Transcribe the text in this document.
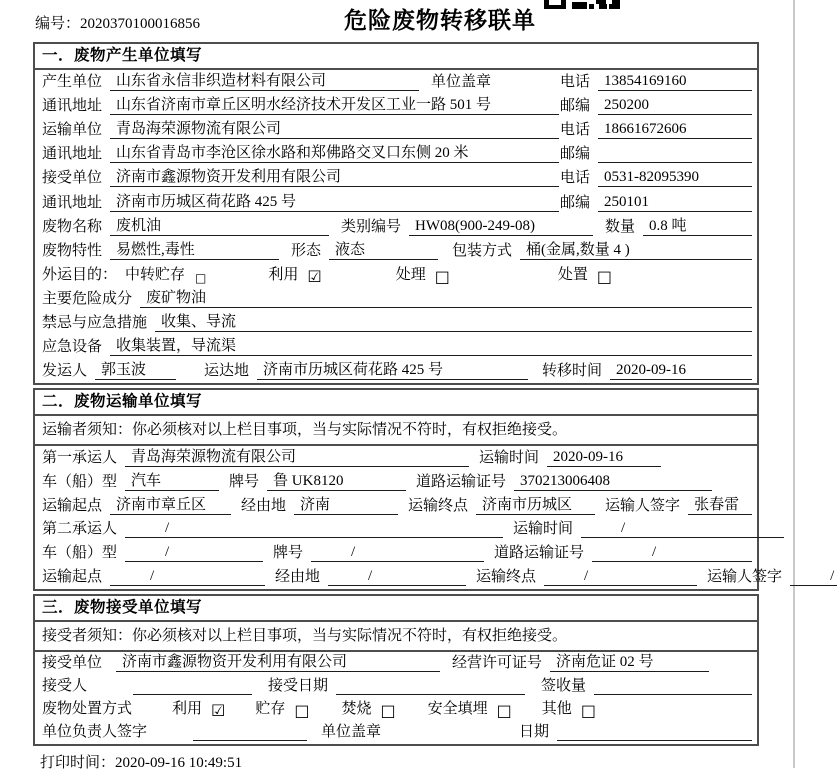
编号：2020370100016856	危险废物转移联单
一．废物产生单位填写
产生单位 山东省永信非织造材料有限公司	单位盖章	电话 13854169160
通讯地址 山东省济南市章丘区明水经济技术开发区工业一路 501 号	邮编 250200
运输单位 青岛海荣源物流有限公司	电话 18661672606
通讯地址 山东省青岛市李沧区徐水路和郑佛路交叉口东侧 20 米	邮编
接受单位 济南市鑫源物资开发利用有限公司	电话 0531-82095390
通讯地址 济南市历城区荷花路 425 号	邮编 250101
废物名称 废机油	类别编号 HW08(900-249-08)	数量 0.8 吨
废物特性 易燃性,毒性	形态 液态	包装方式 桶(金属,数量 4 )
外运目的： 中转贮存 □	利用 ☑	处理 □	处置 □
主要危险成分 废矿物油
禁忌与应急措施 收集、导流
应急设备 收集装置，导流渠
发运人 郭玉波	运达地 济南市历城区荷花路 425 号	转移时间 2020-09-16
二．废物运输单位填写
运输者须知：你必须核对以上栏目事项，当与实际情况不符时，有权拒绝接受。
第一承运人 青岛海荣源物流有限公司	运输时间 2020-09-16
车（船）型 汽车	牌号 鲁 UK8120	道路运输证号 370213006408
运输起点 济南市章丘区	经由地 济南	运输终点 济南市历城区	运输人签字 张春雷
第二承运人	/	运输时间	/
车（船）型	/	牌号	/	道路运输证号	/
运输起点	/	经由地	/	运输终点	/	运输人签字	/
三．废物接受单位填写
接受者须知：你必须核对以上栏目事项，当与实际情况不符时，有权拒绝接受。
接受单位	济南市鑫源物资开发利用有限公司	经营许可证号 济南危证 02 号
接受人	接受日期	签收量
废物处置方式	利用 ☑ 贮存 □ 焚烧 □ 安全填埋 □ 其他 □
单位负责人签字	单位盖章	日期
打印时间：2020-09-16 10:49:51
